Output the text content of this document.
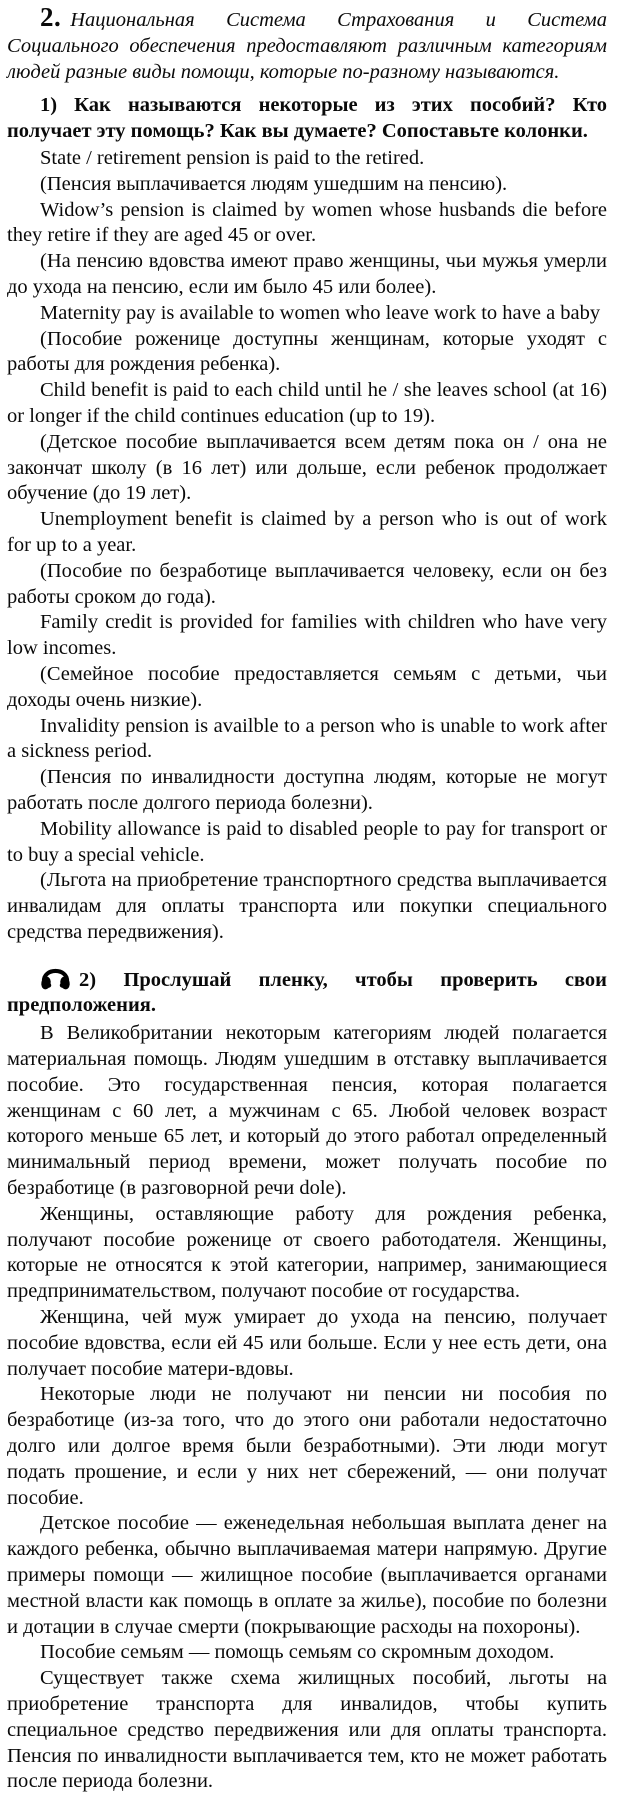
2. Национальная Система Страхования и Система Социального обеспечения предоставляют различным категориям людей разные виды помощи, которые по-разному называются.

1) Как называются некоторые из этих пособий? Кто получает эту помощь? Как вы думаете? Сопоставьте колонки.

State / retirement pension is paid to the retired.

(Пенсия выплачивается людям ушедшим на пенсию).

Widow’s pension is claimed by women whose husbands die before they retire if they are aged 45 or over.

(На пенсию вдовства имеют право женщины, чьи мужья умерли до ухода на пенсию, если им было 45 или более).

Maternity pay is available to women who leave work to have a baby

(Пособие роженице доступны женщинам, которые уходят с работы для рождения ребенка).

Child benefit is paid to each child until he / she leaves school (at 16) or longer if the child continues education (up to 19).

(Детское пособие выплачивается всем детям пока он / она не закончат школу (в 16 лет) или дольше, если ребенок продолжает обучение (до 19 лет).

Unemployment benefit is claimed by a person who is out of work for up to a year.

(Пособие по безработице выплачивается человеку, если он без работы сроком до года).

Family credit is provided for families with children who have very low incomes.

(Семейное пособие предоставляется семьям с детьми, чьи доходы очень низкие).

Invalidity pension is availble to a person who is unable to work after a sickness period.

(Пенсия по инвалидности доступна людям, которые не могут работать после долгого периода болезни).

Mobility allowance is paid to disabled people to pay for transport or to buy a special vehicle.

(Льгота на приобретение транспортного средства выплачивается инвалидам для оплаты транспорта или покупки специального средства передвижения).

2) Прослушай пленку, чтобы проверить свои предположения.

В Великобритании некоторым категориям людей полагается материальная помощь. Людям ушедшим в отставку выплачивается пособие. Это государственная пенсия, которая полагается женщинам с 60 лет, а мужчинам с 65. Любой человек возраст которого меньше 65 лет, и который до этого работал определенный минимальный период времени, может получать пособие по безработице (в разговорной речи dole).

Женщины, оставляющие работу для рождения ребенка, получают пособие роженице от своего работодателя. Женщины, которые не относятся к этой категории, например, занимающиеся предпринимательством, получают пособие от государства.

Женщина, чей муж умирает до ухода на пенсию, получает пособие вдовства, если ей 45 или больше. Если у нее есть дети, она получает пособие матери-вдовы.

Некоторые люди не получают ни пенсии ни пособия по безработице (из-за того, что до этого они работали недостаточно долго или долгое время были безработными). Эти люди могут подать прошение, и если у них нет сбережений, — они получат пособие.

Детское пособие — еженедельная небольшая выплата денег на каждого ребенка, обычно выплачиваемая матери напрямую. Другие примеры помощи — жилищное пособие (выплачивается органами местной власти как помощь в оплате за жилье), пособие по болезни и дотации в случае смерти (покрывающие расходы на похороны).

Пособие семьям — помощь семьям со скромным доходом.

Существует также схема жилищных пособий, льготы на приобретение транспорта для инвалидов, чтобы купить специальное средство передвижения или для оплаты транспорта. Пенсия по инвалидности выплачивается тем, кто не может работать после периода болезни.
